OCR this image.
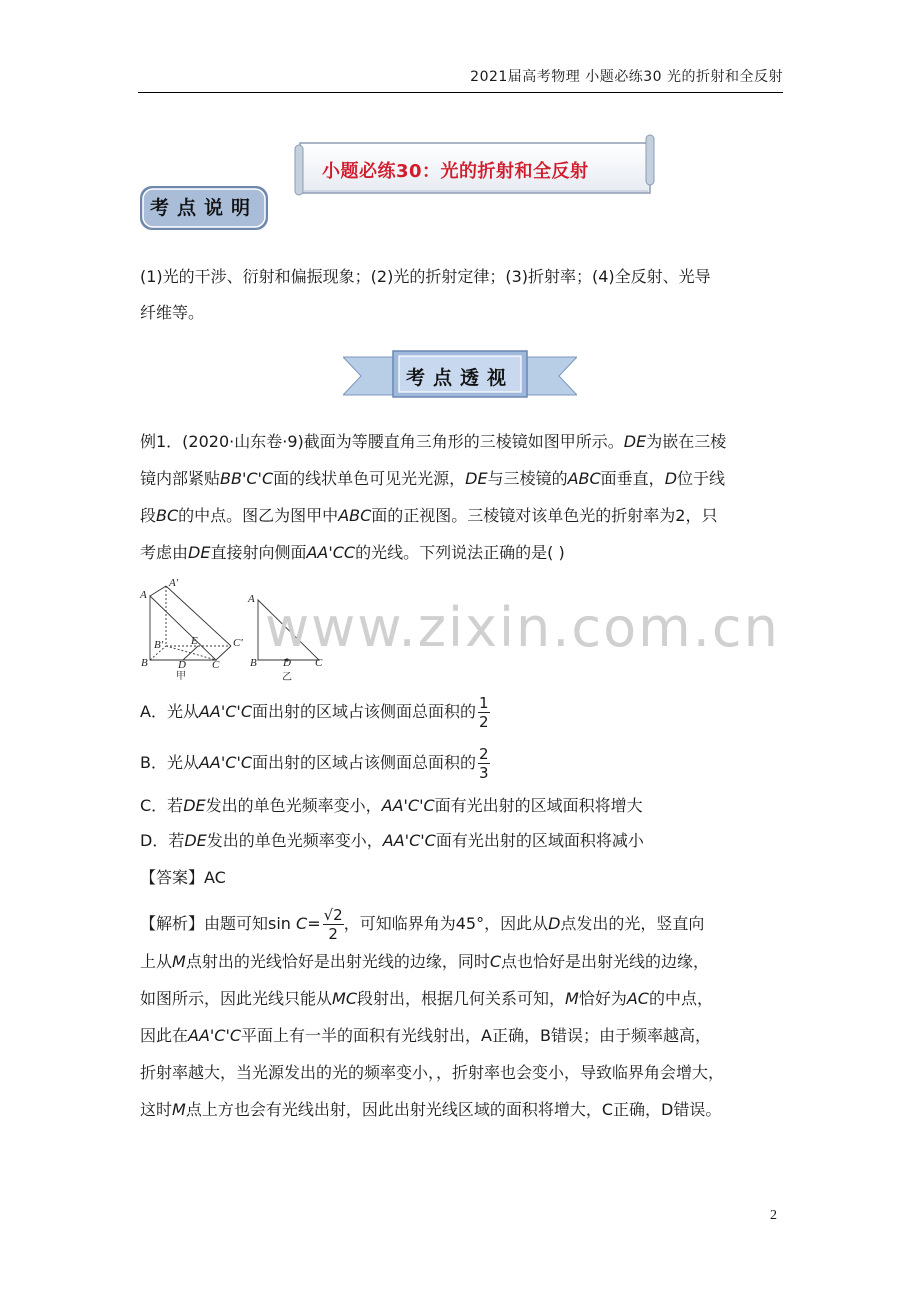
2021届高考物理 小题必练30 光的折射和全反射
小题必练30：光的折射和全反射
考点说明
(1)光的干涉、衍射和偏振现象；(2)光的折射定律；(3)折射率；(4)全反射、光导
纤维等。
考点透视
例1．(2020·山东卷·9)截面为等腰直角三角形的三棱镜如图甲所示。DE为嵌在三棱
镜内部紧贴BB'C'C面的线状单色可见光光源，DE与三棱镜的ABC面垂直，D位于线
段BC的中点。图乙为图甲中ABC面的正视图。三棱镜对该单色光的折射率为2，只
考虑由DE直接射向侧面AA'CC的光线。下列说法正确的是( )
A
A'
B'	E	C'
B	D C
甲
A
B D C
乙
www.zixin.com.cn
A．光从AA'C'C面出射的区域占该侧面总面积的 $\frac{1}{2}$
B．光从AA'C'C面出射的区域占该侧面总面积的 $\frac{2}{3}$
C．若DE发出的单色光频率变小，AA'C'C面有光出射的区域面积将增大
D．若DE发出的单色光频率变小，AA'C'C面有光出射的区域面积将减小
【答案】AC
【解析】由题可知$\sin C= \frac{√2}{2}$ ，可知临界角为45°，因此从D点发出的光，竖直向
上从M点射出的光线恰好是出射光线的边缘，同时C点也恰好是出射光线的边缘，
如图所示，因此光线只能从MC段射出，根据几何关系可知，M恰好为AC的中点，
因此在AA'C'C平面上有一半的面积有光线射出，A正确，B错误；由于频率越高，
折射率越大，当光源发出的光的频率变小，，折射率也会变小，导致临界角会增大，
这时M点上方也会有光线出射，因此出射光线区域的面积将增大，C正确，D错误。
2
